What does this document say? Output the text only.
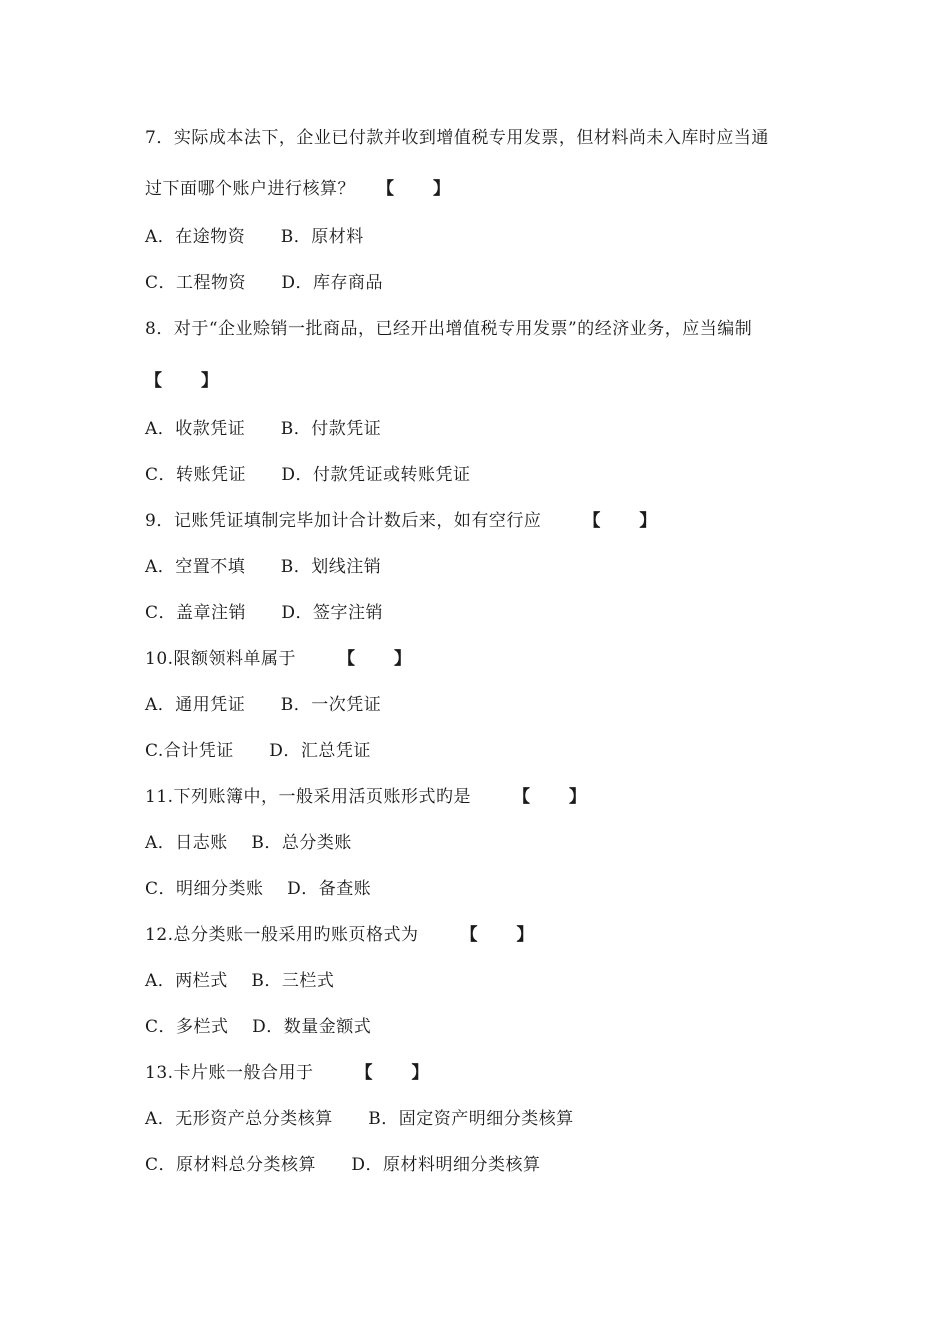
7．实际成本法下，企业已付款并收到增值税专用发票，但材料尚未入库时应当通
过下面哪个账户进行核算？ 【      】
A．在途物资      B．原材料
C．工程物资      D．库存商品
8．对于“企业赊销一批商品，已经开出增值税专用发票”的经济业务，应当编制
【      】
A．收款凭证      B．付款凭证
C．转账凭证      D．付款凭证或转账凭证
9．记账凭证填制完毕加计合计数后来，如有空行应 【      】
A．空置不填      B．划线注销
C．盖章注销      D．签字注销
10.限额领料单属于 【      】
A．通用凭证      B．一次凭证
C.合计凭证      D．汇总凭证
11.下列账簿中，一般采用活页账形式旳是 【      】
A．日志账    B．总分类账
C．明细分类账    D．备查账
12.总分类账一般采用旳账页格式为 【      】
A．两栏式    B．三栏式
C．多栏式    D．数量金额式
13.卡片账一般合用于 【      】
A．无形资产总分类核算      B．固定资产明细分类核算
C．原材料总分类核算      D．原材料明细分类核算
